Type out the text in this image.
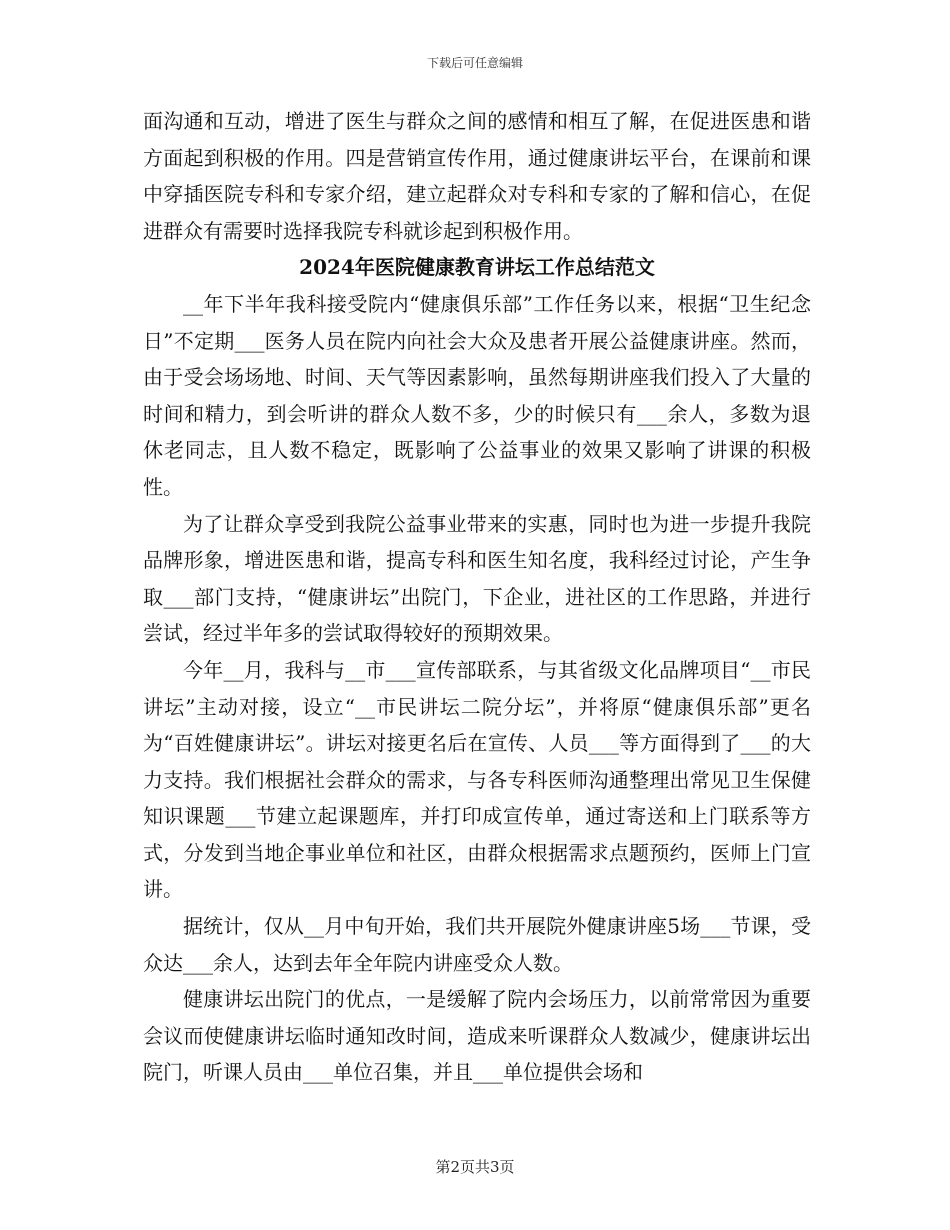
下载后可任意编辑

面沟通和互动，增进了医生与群众之间的感情和相互了解，在促进医患和谐方面起到积极的作用。四是营销宣传作用，通过健康讲坛平台，在课前和课中穿插医院专科和专家介绍，建立起群众对专科和专家的了解和信心，在促进群众有需要时选择我院专科就诊起到积极作用。

2024年医院健康教育讲坛工作总结范文

__年下半年我科接受院内“健康俱乐部”工作任务以来，根据“卫生纪念日”不定期___医务人员在院内向社会大众及患者开展公益健康讲座。然而，由于受会场场地、时间、天气等因素影响，虽然每期讲座我们投入了大量的时间和精力，到会听讲的群众人数不多，少的时候只有___余人，多数为退休老同志，且人数不稳定，既影响了公益事业的效果又影响了讲课的积极性。

为了让群众享受到我院公益事业带来的实惠，同时也为进一步提升我院品牌形象，增进医患和谐，提高专科和医生知名度，我科经过讨论，产生争取___部门支持，“健康讲坛”出院门，下企业，进社区的工作思路，并进行尝试，经过半年多的尝试取得较好的预期效果。

今年__月，我科与__市___宣传部联系，与其省级文化品牌项目“__市民讲坛”主动对接，设立“__市民讲坛二院分坛”，并将原“健康俱乐部”更名为“百姓健康讲坛”。讲坛对接更名后在宣传、人员___等方面得到了___的大力支持。我们根据社会群众的需求，与各专科医师沟通整理出常见卫生保健知识课题___节建立起课题库，并打印成宣传单，通过寄送和上门联系等方式，分发到当地企事业单位和社区，由群众根据需求点题预约，医师上门宣讲。

据统计，仅从__月中旬开始，我们共开展院外健康讲座5场___节课，受众达___余人，达到去年全年院内讲座受众人数。

健康讲坛出院门的优点，一是缓解了院内会场压力，以前常常因为重要会议而使健康讲坛临时通知改时间，造成来听课群众人数减少，健康讲坛出院门，听课人员由___单位召集，并且___单位提供会场和

第2页共3页
